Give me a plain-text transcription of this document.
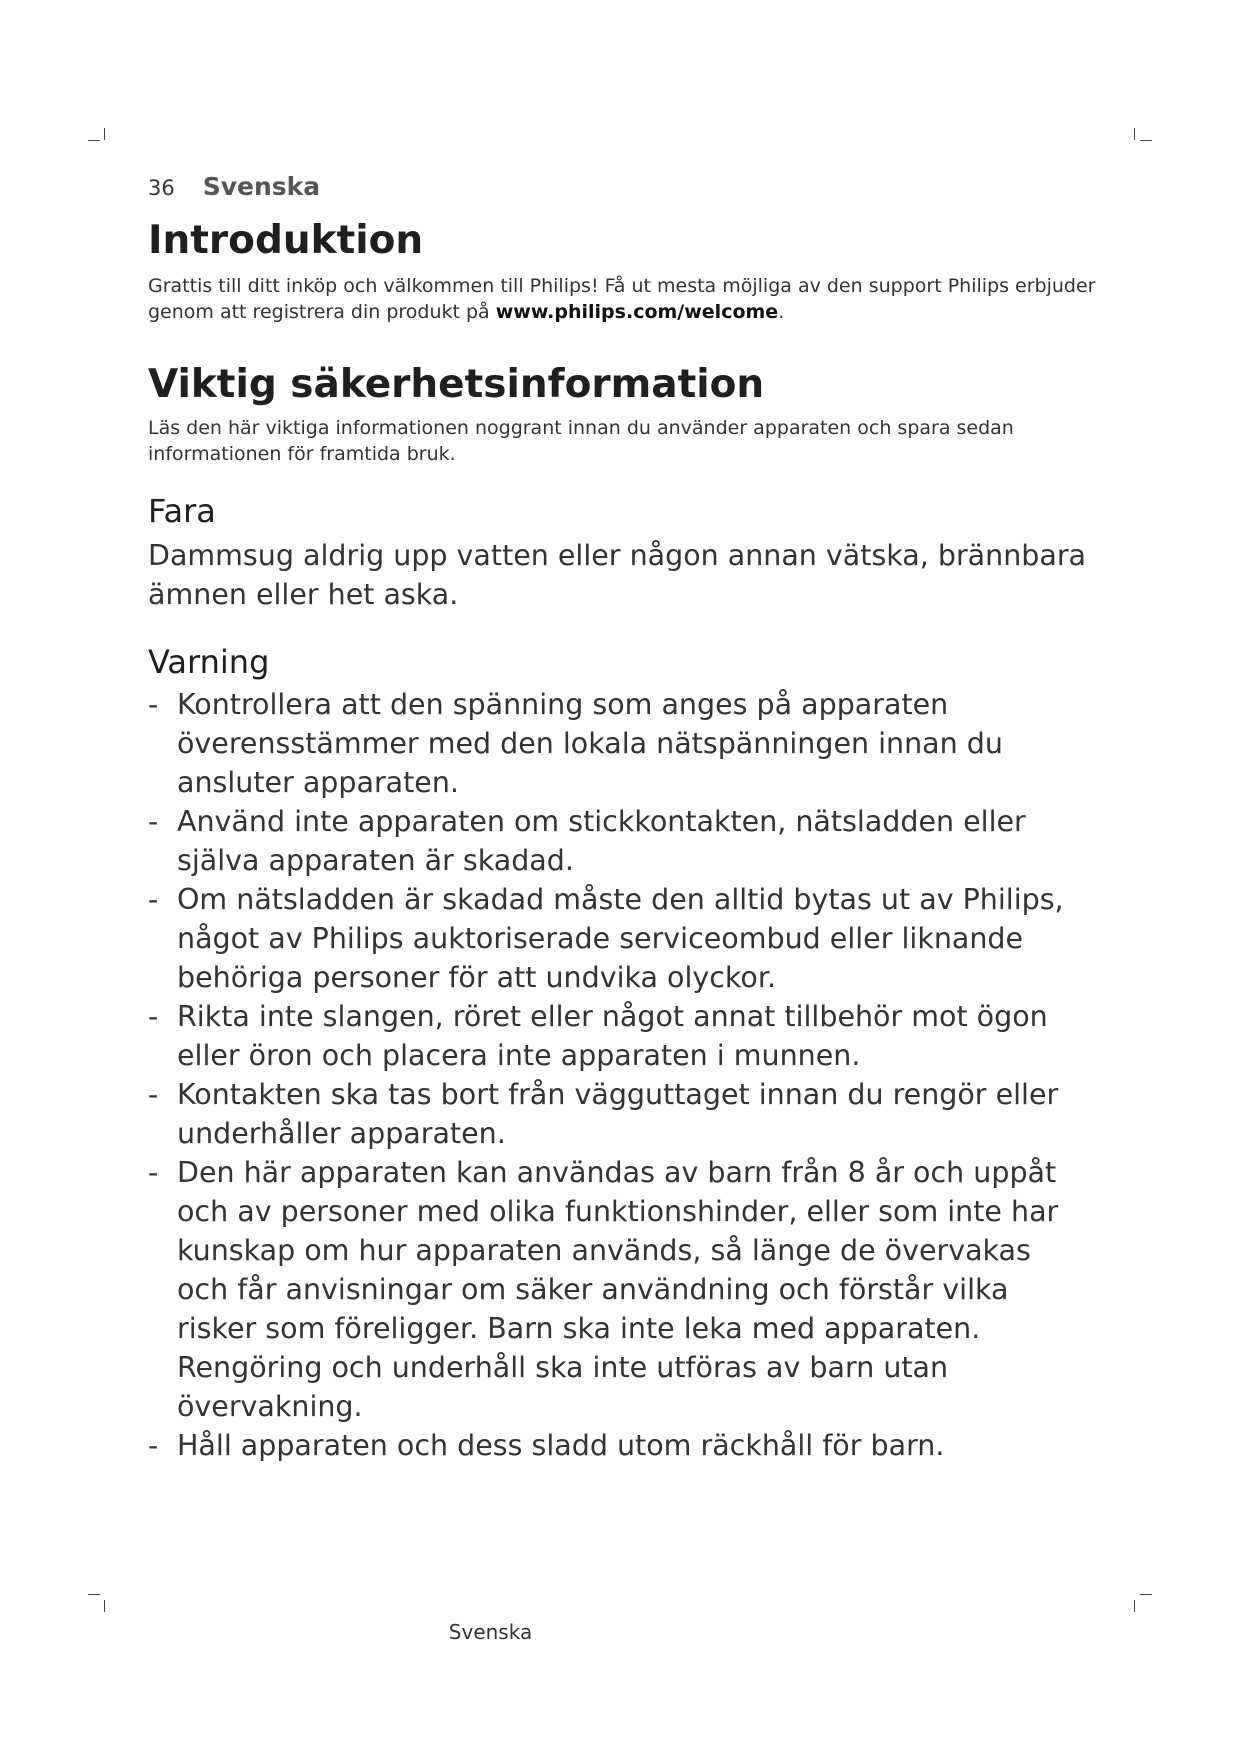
36 Svenska
Introduktion

Grattis till ditt inköp och välkommen till Philips! Få ut mesta möjliga av den support Philips erbjuder genom att registrera din produkt på www.philips.com/welcome.

Viktig säkerhetsinformation

Läs den här viktiga informationen noggrant innan du använder apparaten och spara sedan informationen för framtida bruk.

Fara

Dammsug aldrig upp vatten eller någon annan vätska, brännbara ämnen eller het aska.

Varning
- Kontrollera att den spänning som anges på apparaten överensstämmer med den lokala nätspänningen innan du ansluter apparaten.
- Använd inte apparaten om stickkontakten, nätsladden eller själva apparaten är skadad.
- Om nätsladden är skadad måste den alltid bytas ut av Philips, något av Philips auktoriserade serviceombud eller liknande behöriga personer för att undvika olyckor.
- Rikta inte slangen, röret eller något annat tillbehör mot ögon eller öron och placera inte apparaten i munnen.
- Kontakten ska tas bort från vägguttaget innan du rengör eller underhåller apparaten.
- Den här apparaten kan användas av barn från 8 år och uppåt och av personer med olika funktionshinder, eller som inte har kunskap om hur apparaten används, så länge de övervakas och får anvisningar om säker användning och förstår vilka risker som föreligger. Barn ska inte leka med apparaten. Rengöring och underhåll ska inte utföras av barn utan övervakning.
- Håll apparaten och dess sladd utom räckhåll för barn.
Svenska
